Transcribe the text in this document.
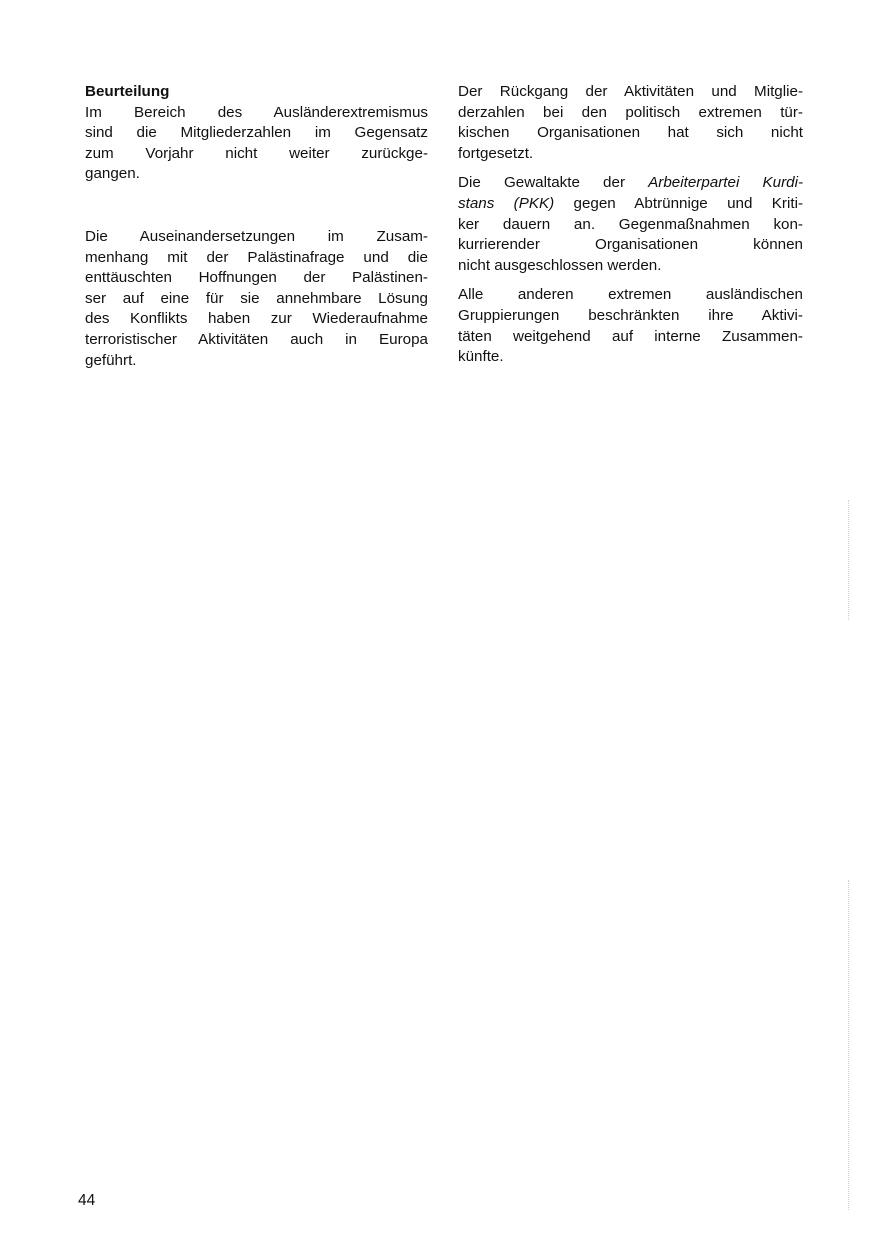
Beurteilung

Im Bereich des Ausländerextremismus
sind die Mitgliederzahlen im Gegensatz
zum Vorjahr nicht weiter zurückge-
gangen.

Die Auseinandersetzungen im Zusam-
menhang mit der Palästinafrage und die
enttäuschten Hoffnungen der Palästinen-
ser auf eine für sie annehmbare Lösung
des Konflikts haben zur Wiederaufnahme
terroristischer Aktivitäten auch in Europa
geführt.

Der Rückgang der Aktivitäten und Mitglie-
derzahlen bei den politisch extremen tür-
kischen Organisationen hat sich nicht
fortgesetzt.

Die Gewaltakte der Arbeiterpartei Kurdi-
stans (PKK) gegen Abtrünnige und Kriti-
ker dauern an. Gegenmaßnahmen kon-
kurrierender Organisationen können
nicht ausgeschlossen werden.

Alle anderen extremen ausländischen
Gruppierungen beschränkten ihre Aktivi-
täten weitgehend auf interne Zusammen-
künfte.

44
